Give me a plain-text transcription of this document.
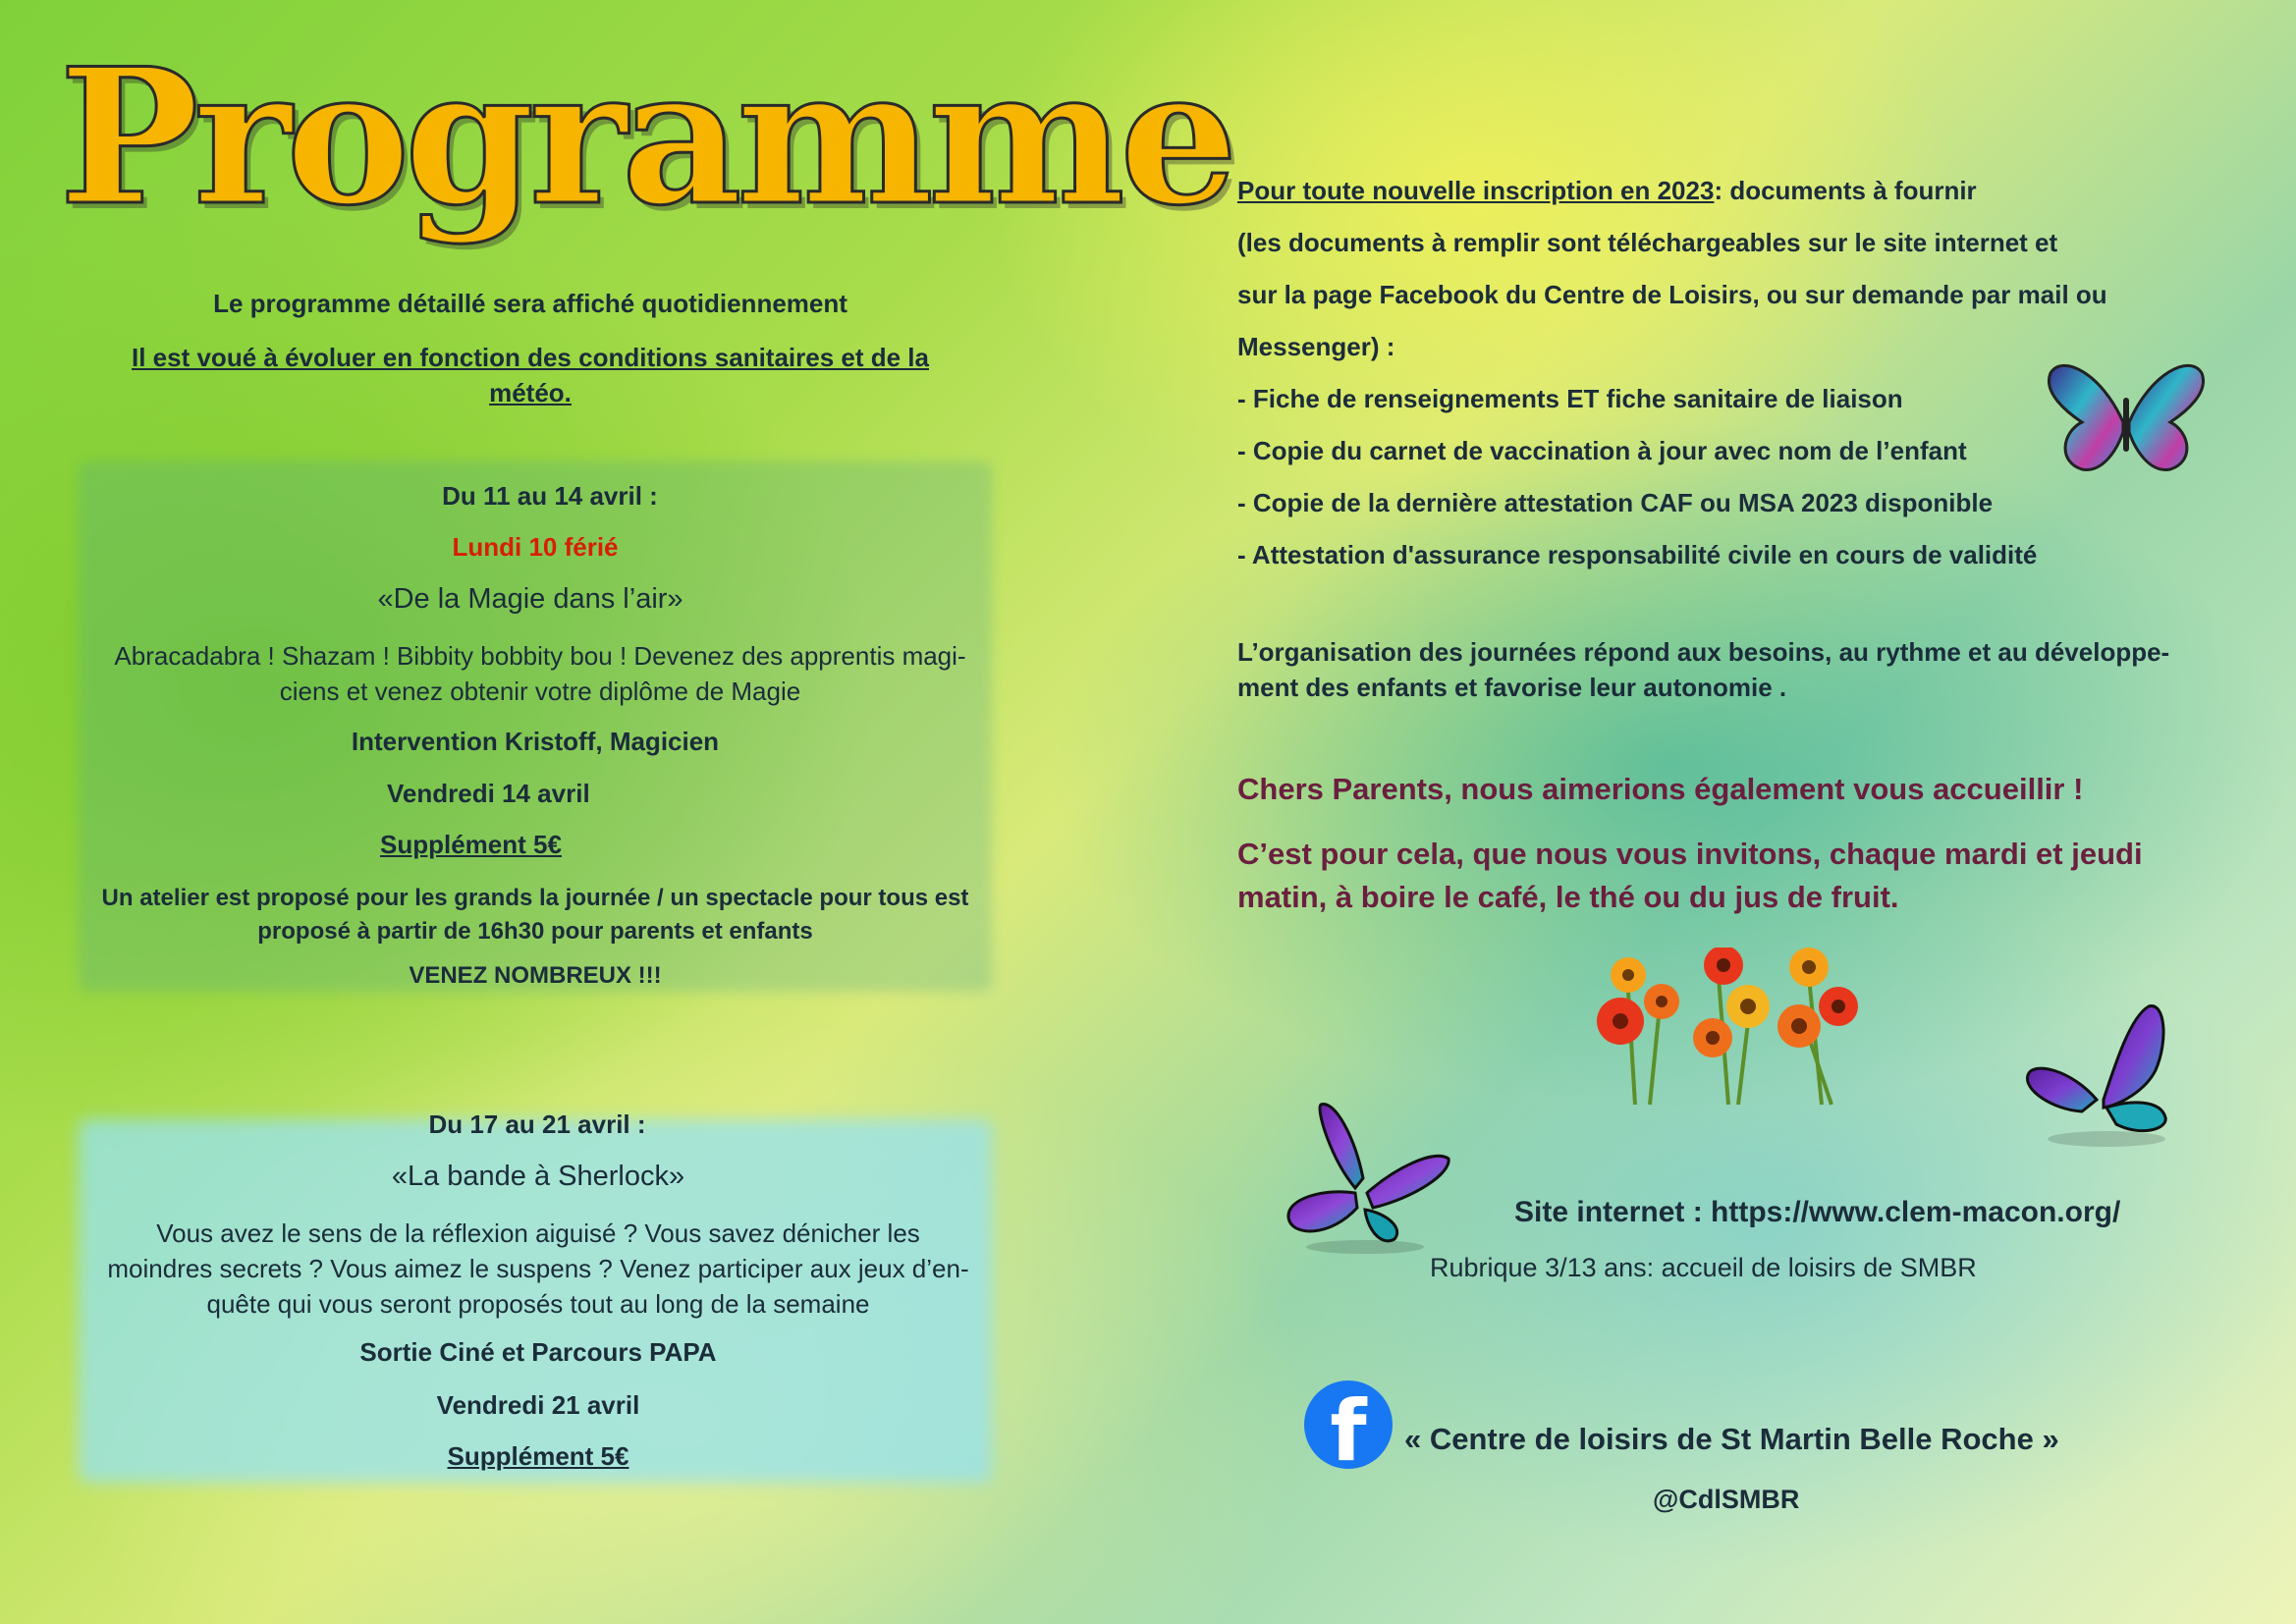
Programme
Le programme détaillé sera affiché quotidiennement
Il est voué à évoluer en fonction des conditions sanitaires et de la
météo.
Du 11 au 14 avril :
Lundi 10 férié
«De la Magie dans l’air»
Abracadabra ! Shazam ! Bibbity bobbity bou ! Devenez des apprentis magi-
ciens et venez obtenir votre diplôme de Magie
Intervention Kristoff, Magicien
Vendredi 14 avril
Supplément 5€
Un atelier est proposé pour les grands la journée / un spectacle pour tous est
proposé à partir de 16h30 pour parents et enfants
VENEZ NOMBREUX !!!
Du 17 au 21 avril :
«La bande à Sherlock»
Vous avez le sens de la réflexion aiguisé ? Vous savez dénicher les
moindres secrets ? Vous aimez le suspens ? Venez participer aux jeux d’en-
quête qui vous seront proposés tout au long de la semaine
Sortie Ciné et Parcours PAPA
Vendredi 21 avril
Supplément 5€
Pour toute nouvelle inscription en 2023: documents à fournir
(les documents à remplir sont téléchargeables sur le site internet et
sur la page Facebook du Centre de Loisirs, ou sur demande par mail ou
Messenger) :
- Fiche de renseignements ET fiche sanitaire de liaison
- Copie du carnet de vaccination à jour avec nom de l’enfant
- Copie de la dernière attestation CAF ou MSA 2023 disponible
- Attestation d'assurance responsabilité civile en cours de validité
L’organisation des journées répond aux besoins, au rythme et au développe-
ment des enfants et favorise leur autonomie .
Chers Parents, nous aimerions également vous accueillir !
C’est pour cela, que nous vous invitons, chaque mardi et jeudi
matin, à boire le café, le thé ou du jus de fruit.
Site internet : https://www.clem-macon.org/
Rubrique 3/13 ans: accueil de loisirs de SMBR
f	« Centre de loisirs de St Martin Belle Roche »
@CdlSMBR
